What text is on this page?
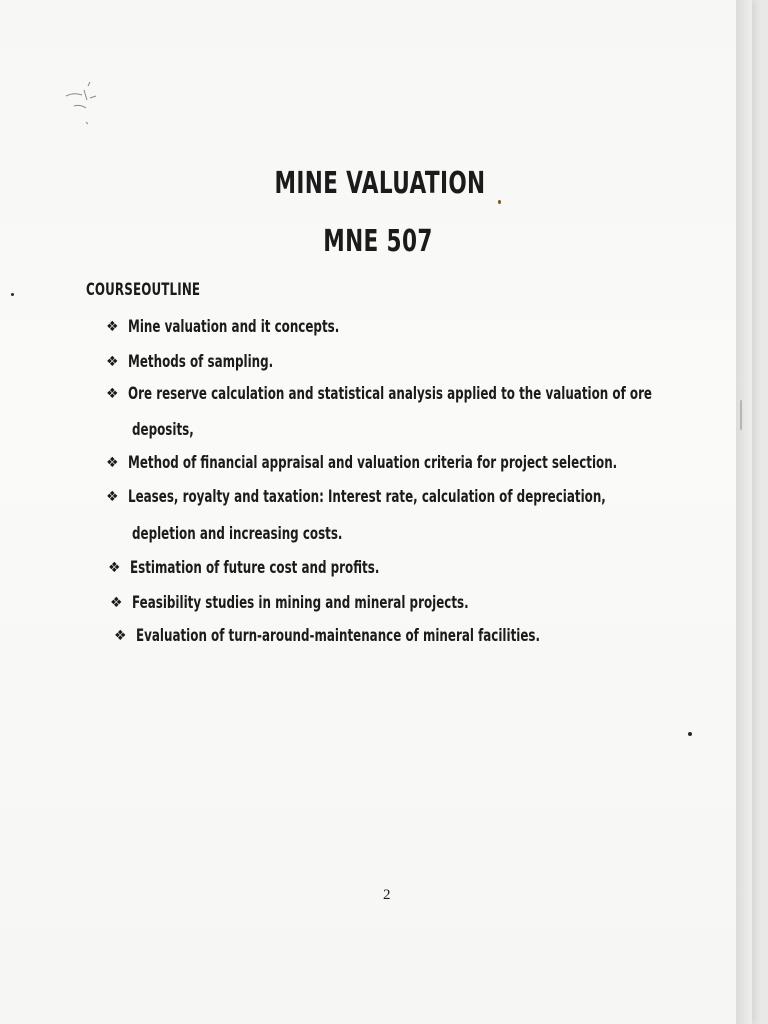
MINE VALUATION
MNE 507
COURSEOUTLINE
❖ Mine valuation and it concepts.
❖ Methods of sampling.
❖ Ore reserve calculation and statistical analysis applied to the valuation of ore
deposits,
❖ Method of financial appraisal and valuation criteria for project selection.
❖ Leases, royalty and taxation: Interest rate, calculation of depreciation,
depletion and increasing costs.
❖ Estimation of future cost and profits.
❖ Feasibility studies in mining and mineral projects.
❖ Evaluation of turn-around-maintenance of mineral facilities.
2
